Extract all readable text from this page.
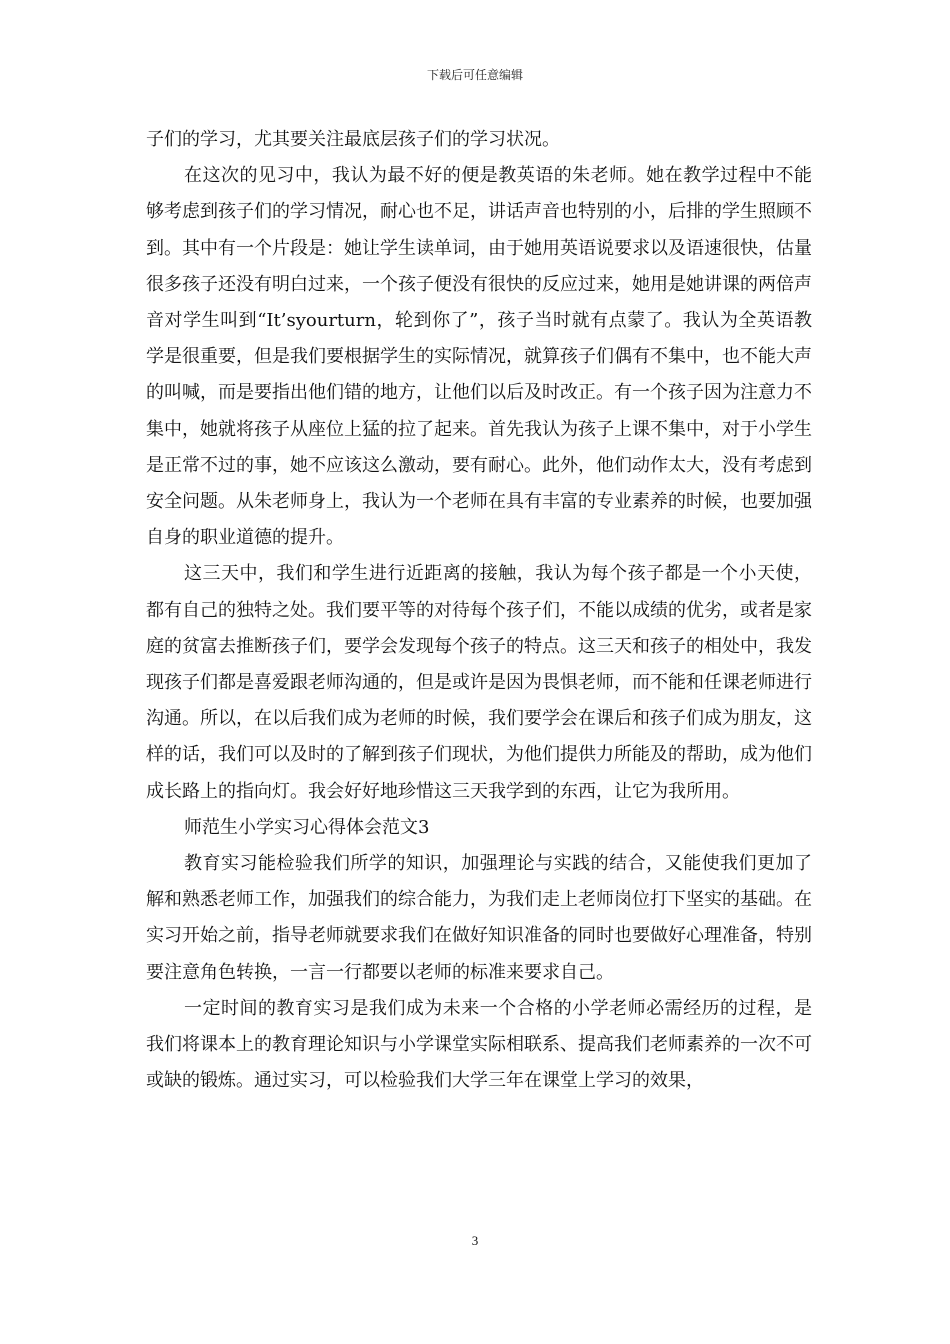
下载后可任意编辑

子们的学习，尤其要关注最底层孩子们的学习状况。

在这次的见习中，我认为最不好的便是教英语的朱老师。她在教学过程中不能够考虑到孩子们的学习情况，耐心也不足，讲话声音也特别的小，后排的学生照顾不到。其中有一个片段是：她让学生读单词，由于她用英语说要求以及语速很快，估量很多孩子还没有明白过来，一个孩子便没有很快的反应过来，她用是她讲课的两倍声音对学生叫到“It’syourturn，轮到你了”，孩子当时就有点蒙了。我认为全英语教学是很重要，但是我们要根据学生的实际情况，就算孩子们偶有不集中，也不能大声的叫喊，而是要指出他们错的地方，让他们以后及时改正。有一个孩子因为注意力不集中，她就将孩子从座位上猛的拉了起来。首先我认为孩子上课不集中，对于小学生是正常不过的事，她不应该这么激动，要有耐心。此外，他们动作太大，没有考虑到安全问题。从朱老师身上，我认为一个老师在具有丰富的专业素养的时候，也要加强自身的职业道德的提升。

这三天中，我们和学生进行近距离的接触，我认为每个孩子都是一个小天使，都有自己的独特之处。我们要平等的对待每个孩子们，不能以成绩的优劣，或者是家庭的贫富去推断孩子们，要学会发现每个孩子的特点。这三天和孩子的相处中，我发现孩子们都是喜爱跟老师沟通的，但是或许是因为畏惧老师，而不能和任课老师进行沟通。所以，在以后我们成为老师的时候，我们要学会在课后和孩子们成为朋友，这样的话，我们可以及时的了解到孩子们现状，为他们提供力所能及的帮助，成为他们成长路上的指向灯。我会好好地珍惜这三天我学到的东西，让它为我所用。

师范生小学实习心得体会范文3

教育实习能检验我们所学的知识，加强理论与实践的结合，又能使我们更加了解和熟悉老师工作，加强我们的综合能力，为我们走上老师岗位打下坚实的基础。在实习开始之前，指导老师就要求我们在做好知识准备的同时也要做好心理准备，特别要注意角色转换，一言一行都要以老师的标准来要求自己。

一定时间的教育实习是我们成为未来一个合格的小学老师必需经历的过程，是我们将课本上的教育理论知识与小学课堂实际相联系、提高我们老师素养的一次不可或缺的锻炼。通过实习，可以检验我们大学三年在课堂上学习的效果，

3
